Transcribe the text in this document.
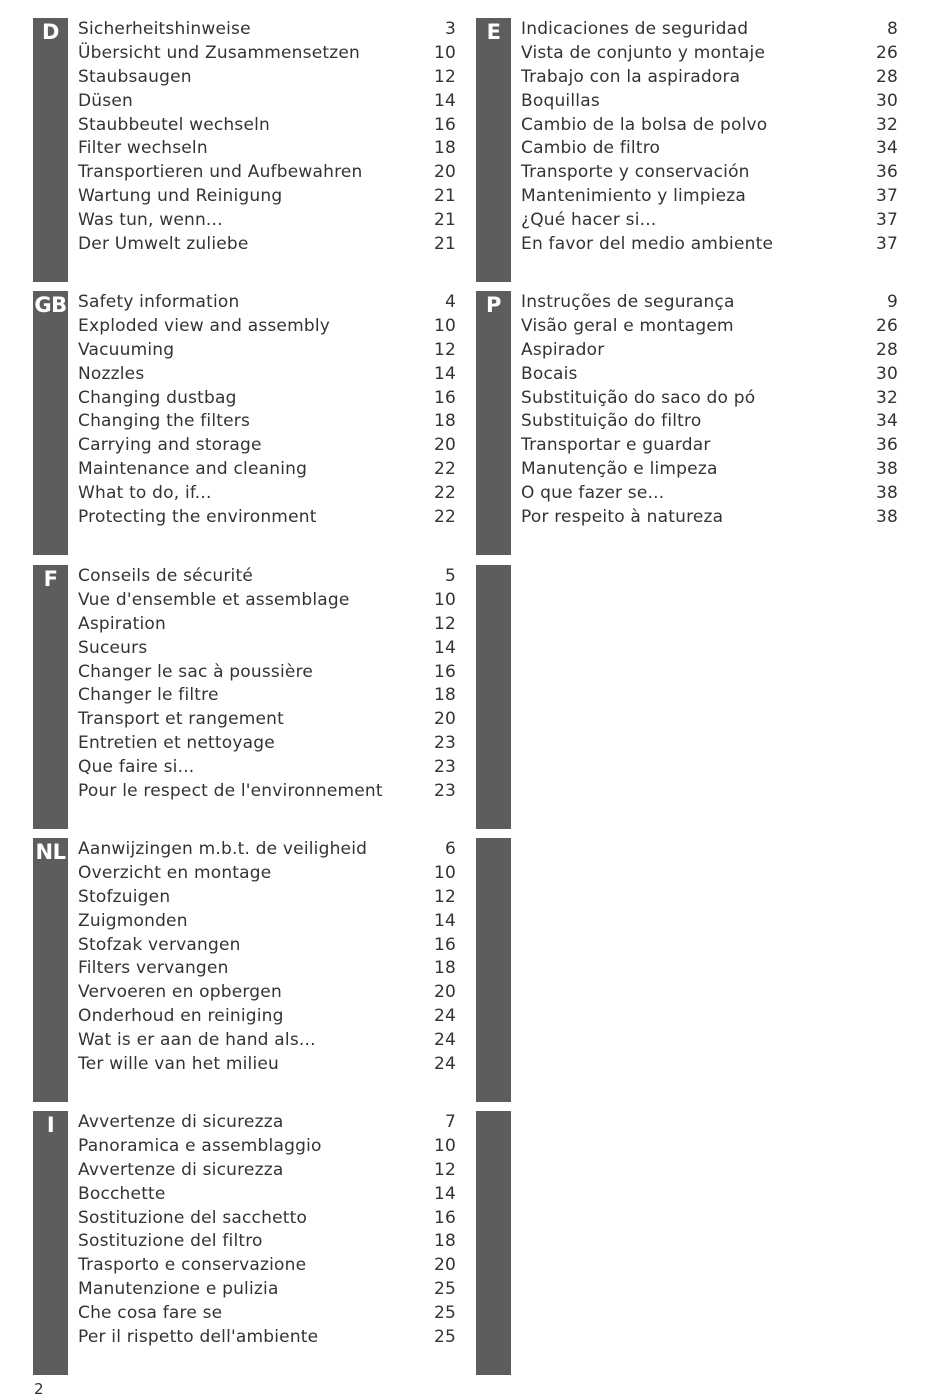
D	Sicherheitshinweise	3
Übersicht und Zusammensetzen	10
Staubsaugen	12
Düsen	14
Staubbeutel wechseln	16
Filter wechseln	18
Transportieren und Aufbewahren	20
Wartung und Reinigung	21
Was tun, wenn...	21
Der Umwelt zuliebe	21
GB Safety information	4
Exploded view and assembly	10
Vacuuming	12
Nozzles	14
Changing dustbag	16
Changing the filters	18
Carrying and storage	20
Maintenance and cleaning	22
What to do, if...	22
Protecting the environment	22
F	Conseils de sécurité	5
Vue d'ensemble et assemblage	10
Aspiration	12
Suceurs	14
Changer le sac à poussière	16
Changer le filtre	18
Transport et rangement	20
Entretien et nettoyage	23
Que faire si...	23
Pour le respect de l'environnement	23
NL Aanwijzingen m.b.t. de veiligheid	6
Overzicht en montage	10
Stofzuigen	12
Zuigmonden	14
Stofzak vervangen	16
Filters vervangen	18
Vervoeren en opbergen	20
Onderhoud en reiniging	24
Wat is er aan de hand als...	24
Ter wille van het milieu	24
I	Avvertenze di sicurezza	7
Panoramica e assemblaggio	10
Avvertenze di sicurezza	12
Bocchette	14
Sostituzione del sacchetto	16
Sostituzione del filtro	18
Trasporto e conservazione	20
Manutenzione e pulizia	25
Che cosa fare se	25
Per il rispetto dell'ambiente	25
E	Indicaciones de seguridad	8
Vista de conjunto y montaje	26
Trabajo con la aspiradora	28
Boquillas	30
Cambio de la bolsa de polvo	32
Cambio de filtro	34
Transporte y conservación	36
Mantenimiento y limpieza	37
¿Qué hacer si...	37
En favor del medio ambiente	37
P	Instruções de segurança	9
Visão geral e montagem	26
Aspirador	28
Bocais	30
Substituição do saco do pó	32
Substituição do filtro	34
Transportar e guardar	36
Manutenção e limpeza	38
O que fazer se...	38
Por respeito à natureza	38
2
